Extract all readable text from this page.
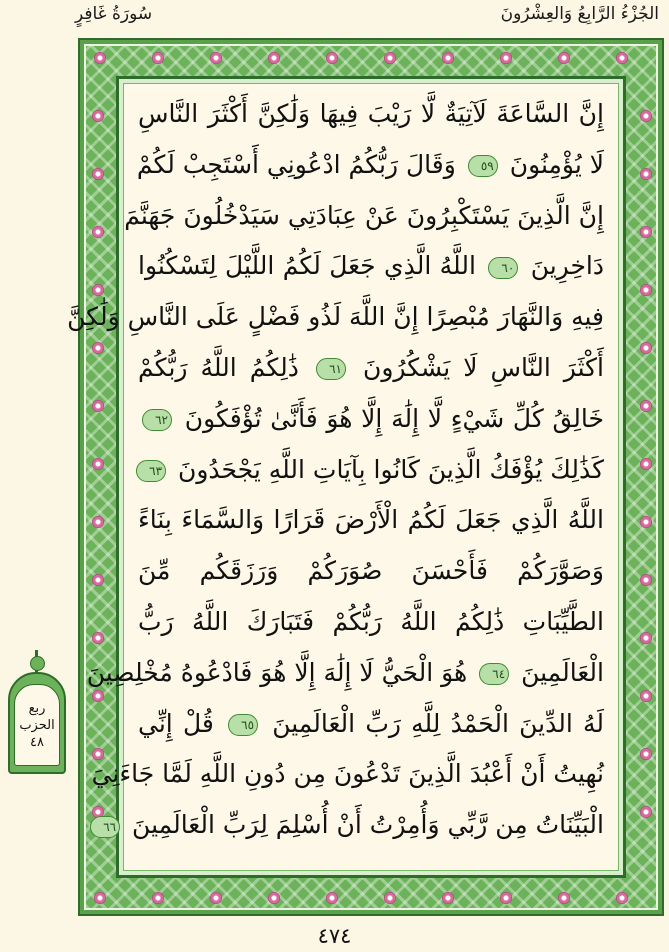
الجُزْءُ الرَّابِعُ وَالعِشْرُونَ
سُورَةُ غَافِرٍ
إِنَّ السَّاعَةَ لَآتِيَةٌ لَّا رَيْبَ فِيهَا وَلَٰكِنَّ أَكْثَرَ النَّاسِ
لَا يُؤْمِنُونَ ٥٩ وَقَالَ رَبُّكُمُ ادْعُونِي أَسْتَجِبْ لَكُمْ
إِنَّ الَّذِينَ يَسْتَكْبِرُونَ عَنْ عِبَادَتِي سَيَدْخُلُونَ جَهَنَّمَ
دَاخِرِينَ ٦٠ اللَّهُ الَّذِي جَعَلَ لَكُمُ اللَّيْلَ لِتَسْكُنُوا
فِيهِ وَالنَّهَارَ مُبْصِرًا إِنَّ اللَّهَ لَذُو فَضْلٍ عَلَى النَّاسِ وَلَٰكِنَّ
أَكْثَرَ النَّاسِ لَا يَشْكُرُونَ ٦١ ذَٰلِكُمُ اللَّهُ رَبُّكُمْ
خَالِقُ كُلِّ شَيْءٍ لَّا إِلَٰهَ إِلَّا هُوَ فَأَنَّىٰ تُؤْفَكُونَ ٦٢
كَذَٰلِكَ يُؤْفَكُ الَّذِينَ كَانُوا بِآيَاتِ اللَّهِ يَجْحَدُونَ ٦٣
اللَّهُ الَّذِي جَعَلَ لَكُمُ الْأَرْضَ قَرَارًا وَالسَّمَاءَ بِنَاءً
وَصَوَّرَكُمْ فَأَحْسَنَ صُوَرَكُمْ وَرَزَقَكُم مِّنَ
الطَّيِّبَاتِ ذَٰلِكُمُ اللَّهُ رَبُّكُمْ فَتَبَارَكَ اللَّهُ رَبُّ
الْعَالَمِينَ ٦٤ هُوَ الْحَيُّ لَا إِلَٰهَ إِلَّا هُوَ فَادْعُوهُ مُخْلِصِينَ
لَهُ الدِّينَ الْحَمْدُ لِلَّهِ رَبِّ الْعَالَمِينَ ٦٥ قُلْ إِنِّي
نُهِيتُ أَنْ أَعْبُدَ الَّذِينَ تَدْعُونَ مِن دُونِ اللَّهِ لَمَّا جَاءَنِيَ
الْبَيِّنَاتُ مِن رَّبِّي وَأُمِرْتُ أَنْ أُسْلِمَ لِرَبِّ الْعَالَمِينَ ٦٦
ربع
الحزب
٤٨
٤٧٤
